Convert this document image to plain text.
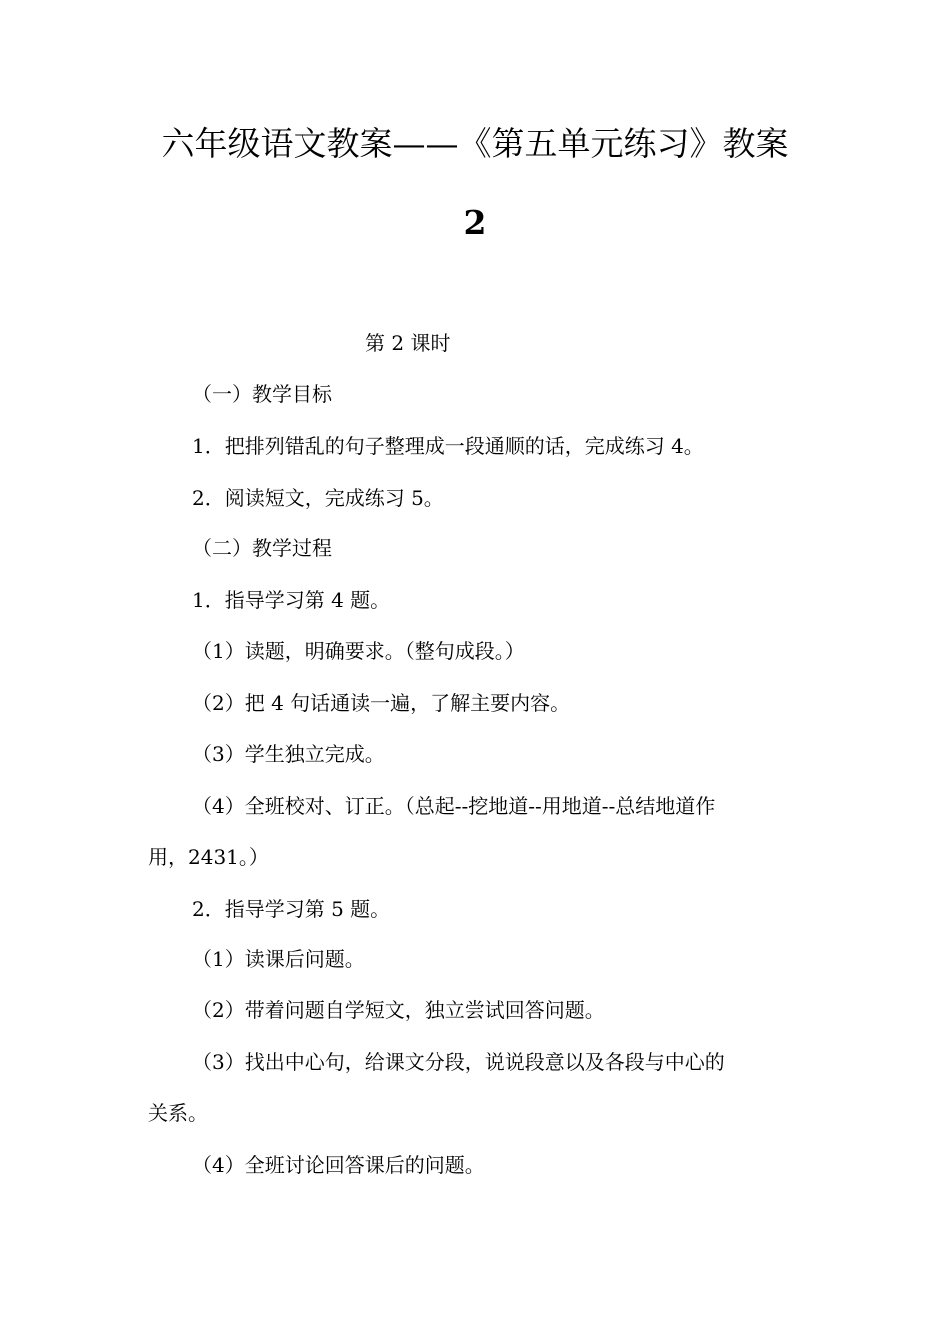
六年级语文教案——《第五单元练习》教案
2

第 2 课时

（一）教学目标

1．把排列错乱的句子整理成一段通顺的话，完成练习 4。

2．阅读短文，完成练习 5。

（二）教学过程

1．指导学习第 4 题。

（1）读题，明确要求。（整句成段。）

（2）把 4 句话通读一遍，了解主要内容。

（3）学生独立完成。

（4）全班校对、订正。（总起--挖地道--用地道--总结地道作

用，2431。）

2．指导学习第 5 题。

（1）读课后问题。

（2）带着问题自学短文，独立尝试回答问题。

（3）找出中心句，给课文分段，说说段意以及各段与中心的

关系。

（4）全班讨论回答课后的问题。
